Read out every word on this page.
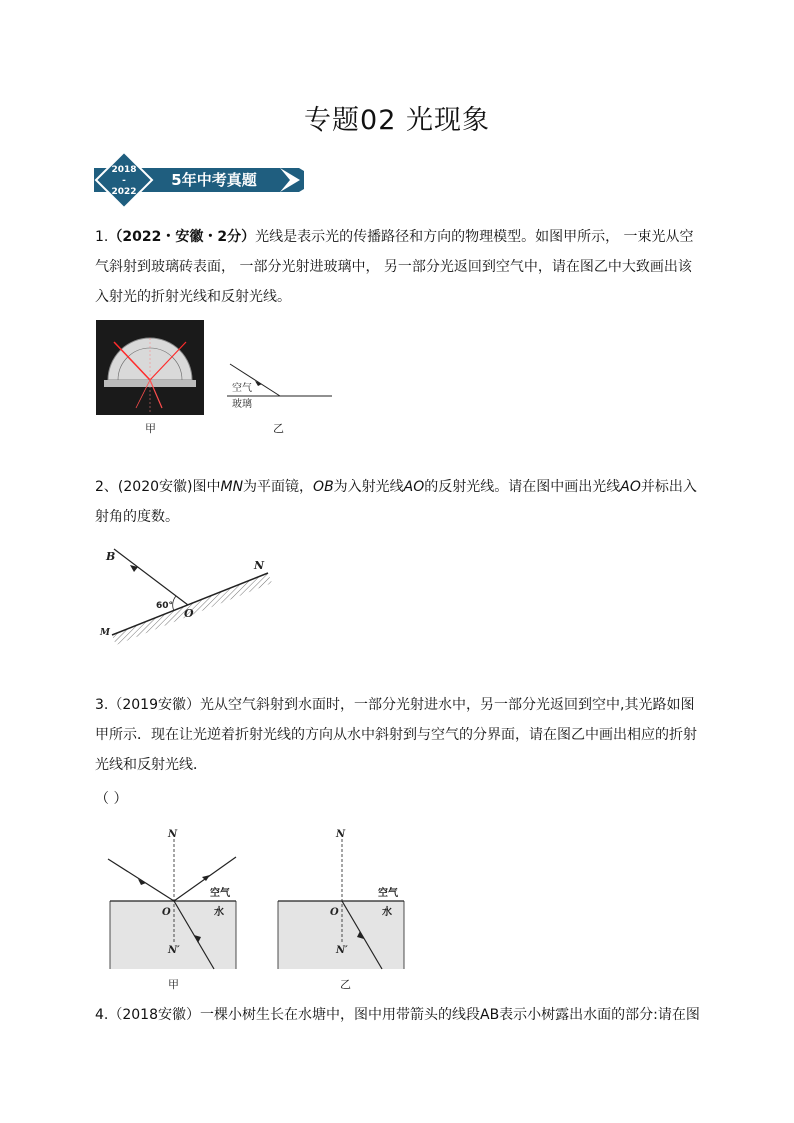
专题02 光现象
2018
-
2022
5年中考真题
1.（2022・安徽・2分）光线是表示光的传播路径和方向的物理模型。如图甲所示， 一束光从空气斜射到玻璃砖表面， 一部分光射进玻璃中， 另一部分光返回到空气中，请在图乙中大致画出该入射光的折射光线和反射光线。
甲
空气
玻璃
乙
2、(2020安徽)图中MN为平面镜，OB为入射光线AO的反射光线。请在图中画出光线AO并标出入射角的度数。
B
N
M
O
60°
3.（2019安徽）光从空气斜射到水面时，一部分光射进水中，另一部分光返回到空中,其光路如图甲所示．现在让光逆着折射光线的方向从水中斜射到与空气的分界面，请在图乙中画出相应的折射光线和反射光线．
（ ）
N
O
N′
空气
水
甲
N
O
N′
空气
水
乙
4.（2018安徽）一棵小树生长在水塘中，图中用带箭头的线段AB表示小树露出水面的部分:请在图
